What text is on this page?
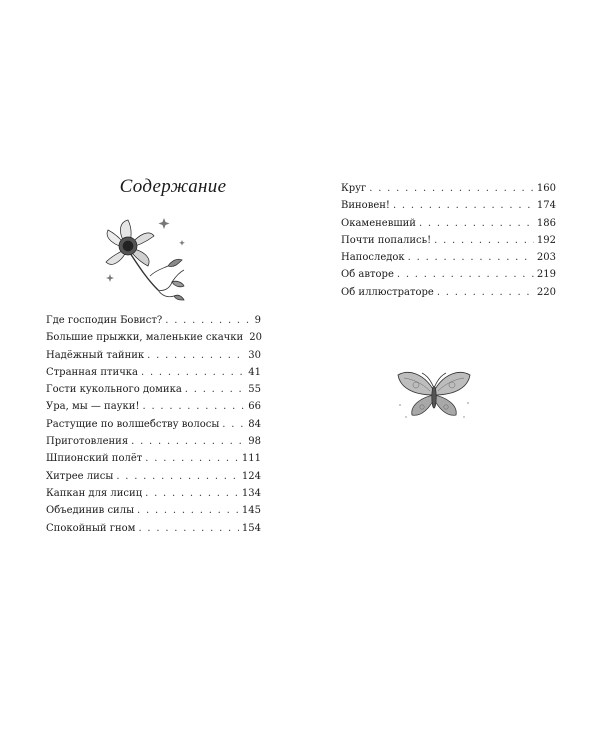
Содержание
Где господин Бовист? . . .	9
Большие прыжки, маленькие скачки 20
Надёжный тайник . . .	30
Странная птичка . . .	41
Гости кукольного домика . . .	55
Ура, мы — пауки! . . .	66
Растущие по волшебству волосы . . .	84
Приготовления . . .	98
Шпионский полёт . . .	111
Хитрее лисы . . .	124
Капкан для лисиц . . .	134
Объединив силы . . .	145
Спокойный гном . . .	154
Круг . . .	160
Виновен! . . .	174
Окаменевший . . .	186
Почти попались! . . .	192
Напоследок . . .	203
Об авторе . . .	219
Об иллюстраторе . . .	220
